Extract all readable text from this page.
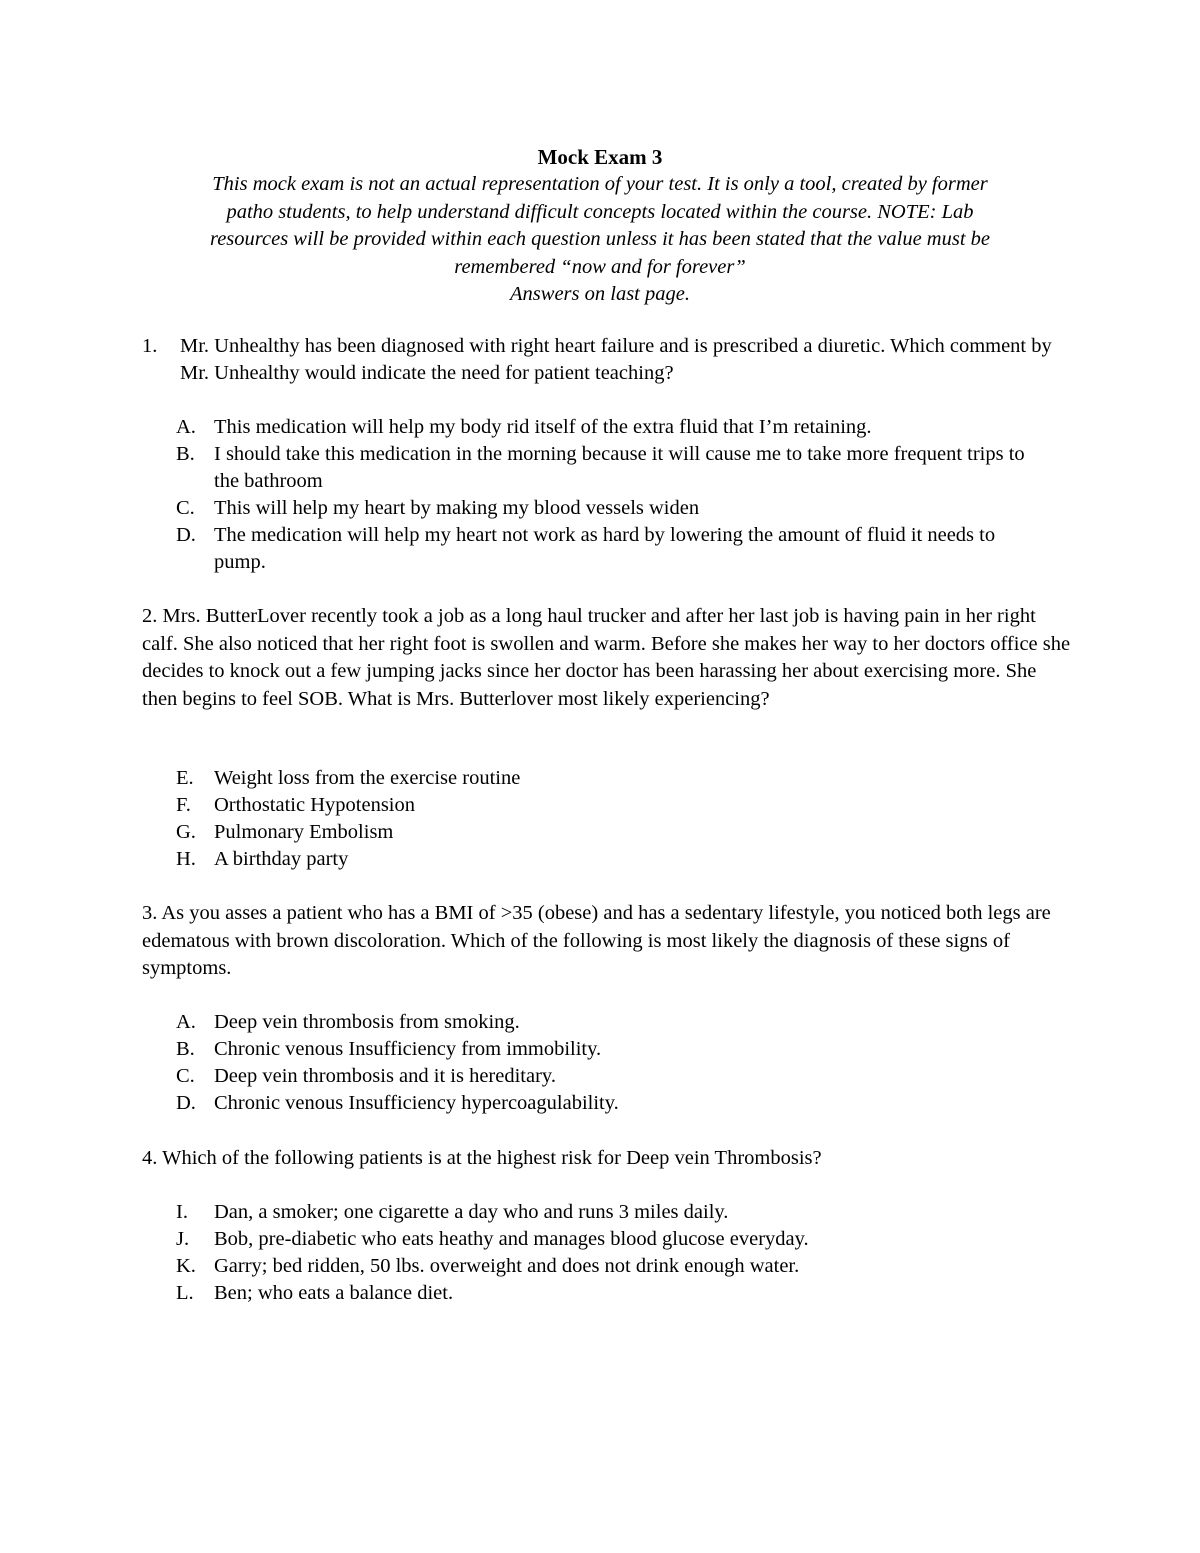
Mock Exam 3
This mock exam is not an actual representation of your test. It is only a tool, created by former
patho students, to help understand difficult concepts located within the course. NOTE: Lab
resources will be provided within each question unless it has been stated that the value must be
remembered “now and for forever”
Answers on last page.
1. Mr. Unhealthy has been diagnosed with right heart failure and is prescribed a diuretic. Which comment by Mr. Unhealthy would indicate the need for patient teaching?
A. This medication will help my body rid itself of the extra fluid that I’m retaining.
B. I should take this medication in the morning because it will cause me to take more frequent trips to the bathroom
C. This will help my heart by making my blood vessels widen
D. The medication will help my heart not work as hard by lowering the amount of fluid it needs to pump.
2. Mrs. ButterLover recently took a job as a long haul trucker and after her last job is having pain in her right calf. She also noticed that her right foot is swollen and warm. Before she makes her way to her doctors office she decides to knock out a few jumping jacks since her doctor has been harassing her about exercising more. She then begins to feel SOB. What is Mrs. Butterlover most likely experiencing?
E. Weight loss from the exercise routine
F. Orthostatic Hypotension
G. Pulmonary Embolism
H. A birthday party
3. As you asses a patient who has a BMI of >35 (obese) and has a sedentary lifestyle, you noticed both legs are edematous with brown discoloration. Which of the following is most likely the diagnosis of these signs of symptoms.
A. Deep vein thrombosis from smoking.
B. Chronic venous Insufficiency from immobility.
C. Deep vein thrombosis and it is hereditary.
D. Chronic venous Insufficiency hypercoagulability.
4. Which of the following patients is at the highest risk for Deep vein Thrombosis?
I. Dan, a smoker; one cigarette a day who and runs 3 miles daily.
J. Bob, pre-diabetic who eats heathy and manages blood glucose everyday.
K. Garry; bed ridden, 50 lbs. overweight and does not drink enough water.
L. Ben; who eats a balance diet.
